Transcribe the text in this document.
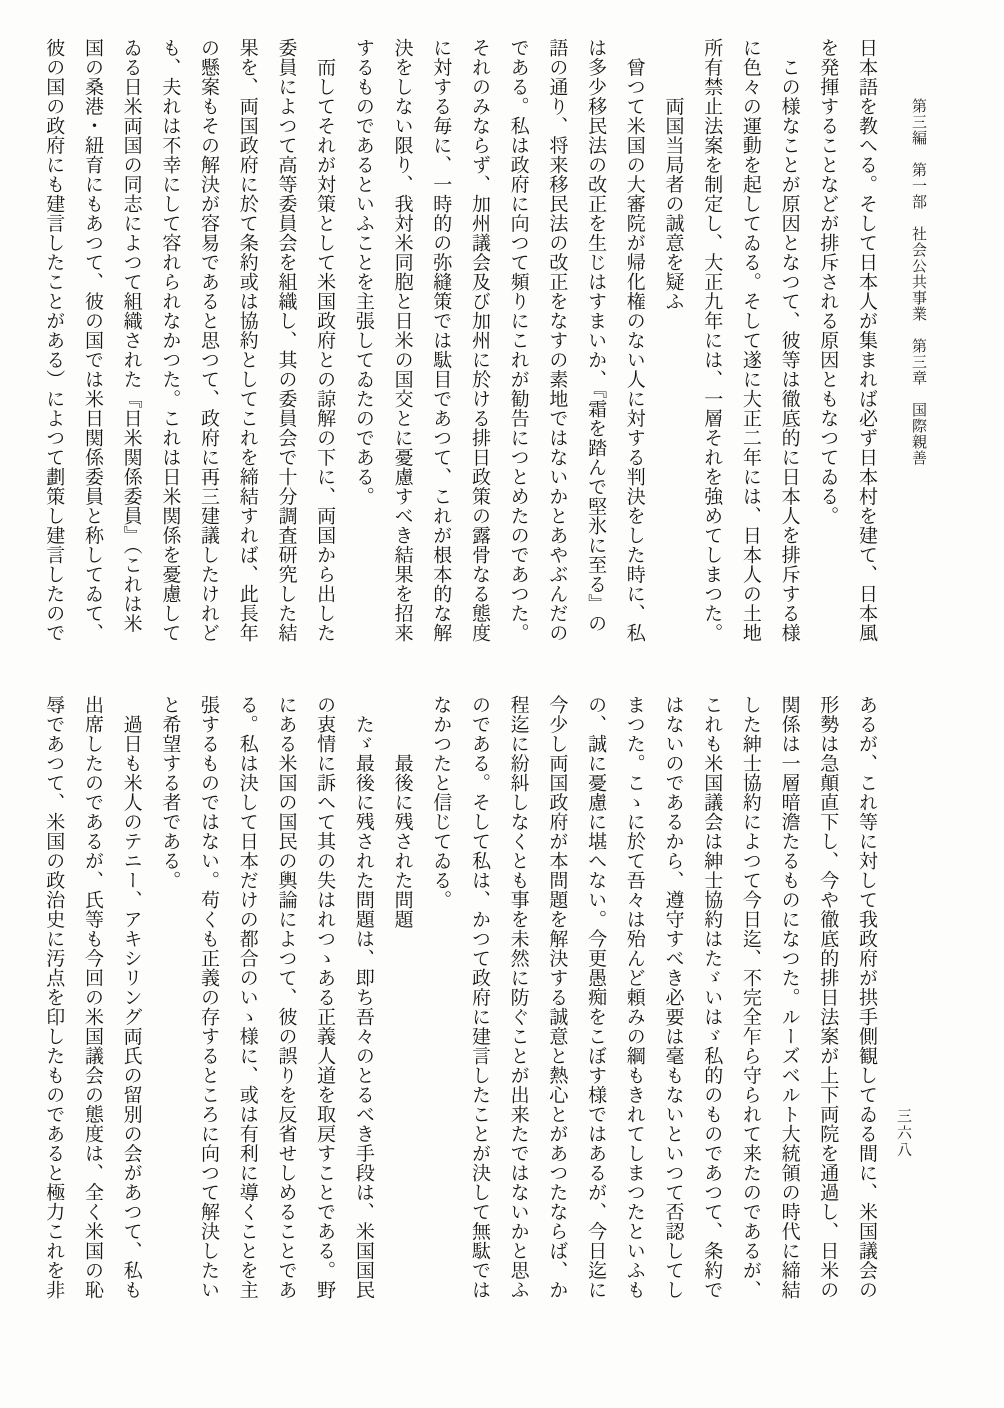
第三編　第一部　社会公共事業　第三章　国際親善
三六八

日本語を教へる。そして日本人が集まれば必ず日本村を建て、日本風

を発揮することなどが排斥される原因ともなつてゐる。

　この様なことが原因となつて、彼等は徹底的に日本人を排斥する様

に色々の運動を起してゐる。そして遂に大正二年には、日本人の土地

所有禁止法案を制定し、大正九年には、一層それを強めてしまつた。

　　　両国当局者の誠意を疑ふ

　曾つて米国の大審院が帰化権のない人に対する判決をした時に、私

は多少移民法の改正を生じはすまいか、『霜を踏んで堅氷に至る』の

語の通り、将来移民法の改正をなすの素地ではないかとあやぶんだの

である。私は政府に向つて頻りにこれが勧告につとめたのであつた。

それのみならず、加州議会及び加州に於ける排日政策の露骨なる態度

に対する毎に、一時的の弥縫策では駄目であつて、これが根本的な解

決をしない限り、我対米同胞と日米の国交とに憂慮すべき結果を招来

するものであるといふことを主張してゐたのである。

　而してそれが対策として米国政府との諒解の下に、両国から出した

委員によつて高等委員会を組織し、其の委員会で十分調査研究した結

果を、両国政府に於て条約或は協約としてこれを締結すれば、此長年

の懸案もその解決が容易であると思つて、政府に再三建議したけれど

も、夫れは不幸にして容れられなかつた。これは日米関係を憂慮して

ゐる日米両国の同志によつて組織された『日米関係委員』（これは米

国の桑港・紐育にもあつて、彼の国では米日関係委員と称してゐて、

彼の国の政府にも建言したことがある）によつて劃策し建言したので

あるが、これ等に対して我政府が拱手側観してゐる間に、米国議会の

形勢は急顛直下し、今や徹底的排日法案が上下両院を通過し、日米の

関係は一層暗澹たるものになつた。ルーズベルト大統領の時代に締結

した紳士協約によつて今日迄、不完全乍ら守られて来たのであるが、

これも米国議会は紳士協約はたゞいはゞ私的のものであつて、条約で

はないのであるから、遵守すべき必要は毫もないといつて否認してし

まつた。こゝに於て吾々は殆んど頼みの綱もきれてしまつたといふも

の、誠に憂慮に堪へない。今更愚痴をこぼす様ではあるが、今日迄に

今少し両国政府が本問題を解決する誠意と熱心とがあつたならば、か

程迄に紛糾しなくとも事を未然に防ぐことが出来たではないかと思ふ

のである。そして私は、かつて政府に建言したことが決して無駄では

なかつたと信じてゐる。

　　　最後に残された問題

　たゞ最後に残された問題は、即ち吾々のとるべき手段は、米国国民

の衷情に訴へて其の失はれつゝある正義人道を取戻すことである。野

にある米国の国民の輿論によつて、彼の誤りを反省せしめることであ

る。私は決して日本だけの都合のいゝ様に、或は有利に導くことを主

張するものではない。苟くも正義の存するところに向つて解決したい

と希望する者である。

　過日も米人のテニー、アキシリング両氏の留別の会があつて、私も

出席したのであるが、氏等も今回の米国議会の態度は、全く米国の恥

辱であつて、米国の政治史に汚点を印したものであると極力これを非
